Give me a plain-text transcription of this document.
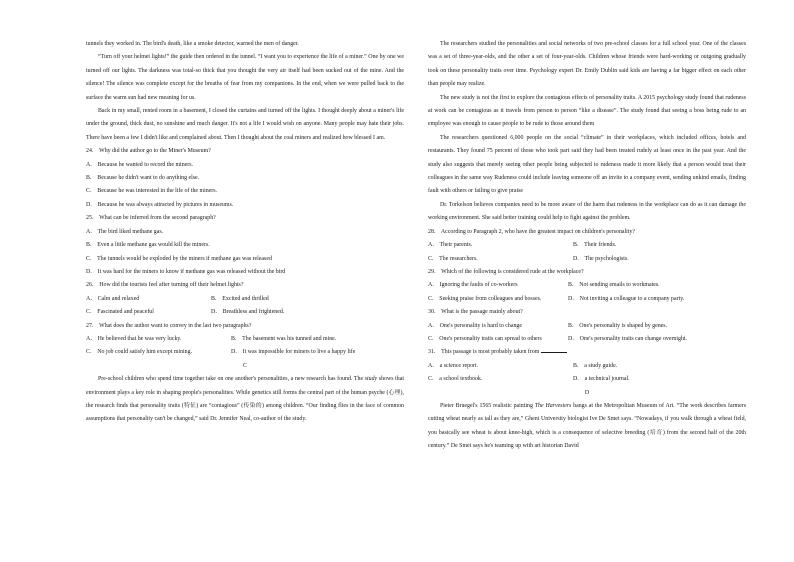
tunnels they worked in. The bird's death, like a smoke detector, warned the men of danger.

“Turn off your helmet lights!” the guide then ordered in the tunnel. “I want you to experience the life of a miner.” One by one we turned off our lights. The darkness was total-so thick that you thought the very air itself had been sucked out of the mine. And the silence! The silence was complete except for the breaths of fear from my companions. In the end, when we were pulled back to the surface the warm sun had new meaning for us.

Back in my small, rented room in a basement, I closed the curtains and turned off the lights. I thought deeply about a miner's life under the ground, thick dust, no sunshine and much danger. It's not a life I would wish on anyone. Many people may hate their jobs. There have been a few I didn't like and complained about. Then I thought about the coal miners and realized how blessed I am.

24． Why did the author go to the Miner's Museum?

A． Because he wanted to record the miners.

B． Because he didn't want to do anything else.

C． Because he was interested in the life of the miners.

D． Because he was always attracted by pictures in museums.

25． What can be inferred from the second paragraph?

A． The bird liked methane gas.

B． Even a little methane gas would kill the miners.

C． The tunnels would be exploded by the miners if methane gas was released

D． It was hard for the miners to know if methane gas was released without the bird

26． How did the tourists feel after turning off their helmet lights?

A． Calm and relaxed	B． Excited and thrilled
C． Fascinated and peaceful	D． Breathless and frightened.

27． What does the author want to convey in the last two paragraphs?

A． He believed that he was very lucky.	B． The basement was his tunned and mine.
C． No job could satisfy him except mining.	D． It was impossible for miners to live a happy life

C

Pre-school children who spend time together take on one another's personalities, a new research has found. The study shows that environment plays a key role in shaping people's personalities. While genetics still forms the central part of the human psyche (心理), the research finds that personality traits (特征) are “contagious” (传染的) among children. “Our finding flies in the face of common assumptions that personality can't be changed,” said Dr. Jennifer Neal, co-author of the study.

The researchers studied the personalities and social networks of two pre-school classes for a full school year. One of the classes was a set of three-year-olds, and the other a set of four-year-olds. Children whose friends were hard-working or outgoing gradually took on these personality traits over time. Psychology expert Dr. Emily Dublin said kids are having a far bigger effect on each other than people may realize.

The new study is not the first to explore the contagious effects of personality traits. A 2015 psychology study found that rudeness at work can be contagious as it travels from person to person “like a disease”. The study found that seeing a boss being rude to an employee was enough to cause people to be rude to those around them

The researchers questioned 6,000 people on the social “climate” in their workplaces, which included offices, hotels and restaurants. They found 75 percent of those who took part said they had been treated rudely at least once in the past year. And the study also suggests that merely seeing other people being subjected to rudeness made it more likely that a person would treat their colleagues in the same way Rudeness could include leaving someone off an invite to a company event, sending unkind emails, finding fault with others or failing to give praise

Dr. Torkelson believes companies need to be more aware of the harm that rudeness in the workplace can do as it can damage the working environment. She said better training could help to fight against the problem.

28． According to Paragraph 2, who have the greatest impact on children's personality?

A． Their parents.	B． Their friends.
C． The researchers.	D． The psychologists.

29． Which of the following is considered rude at the workplace?

A． Ignoring the faults of co-workers	B． Not sending emails to workmates.
C． Seeking praise from colleagues and bosses.	D． Not inviting a colleague to a company party.

30． What is the passage mainly about?

A． One's personality is hard to change	B． One's personality is shaped by genes.
C． One's personality traits can spread to others	D． One's personality traits can change overnight.

31． This passage is most probably taken from

A． a science report.	B． a study guide.
C． a school textbook.	D． a technical journal.

D

Pieter Bruegel's 1565 realistic painting The Harvesters hangs at the Metropolitan Museum of Art. “The work describes farmers cutting wheat nearly as tall as they are,” Ghent University biologist Ive De Smet says. “Nowadays, if you walk through a wheat field, you basically see wheat is about knee-high, which is a consequence of selective breeding (培育) from the second half of the 20th century.” De Smet says he's teaming up with art historian David
